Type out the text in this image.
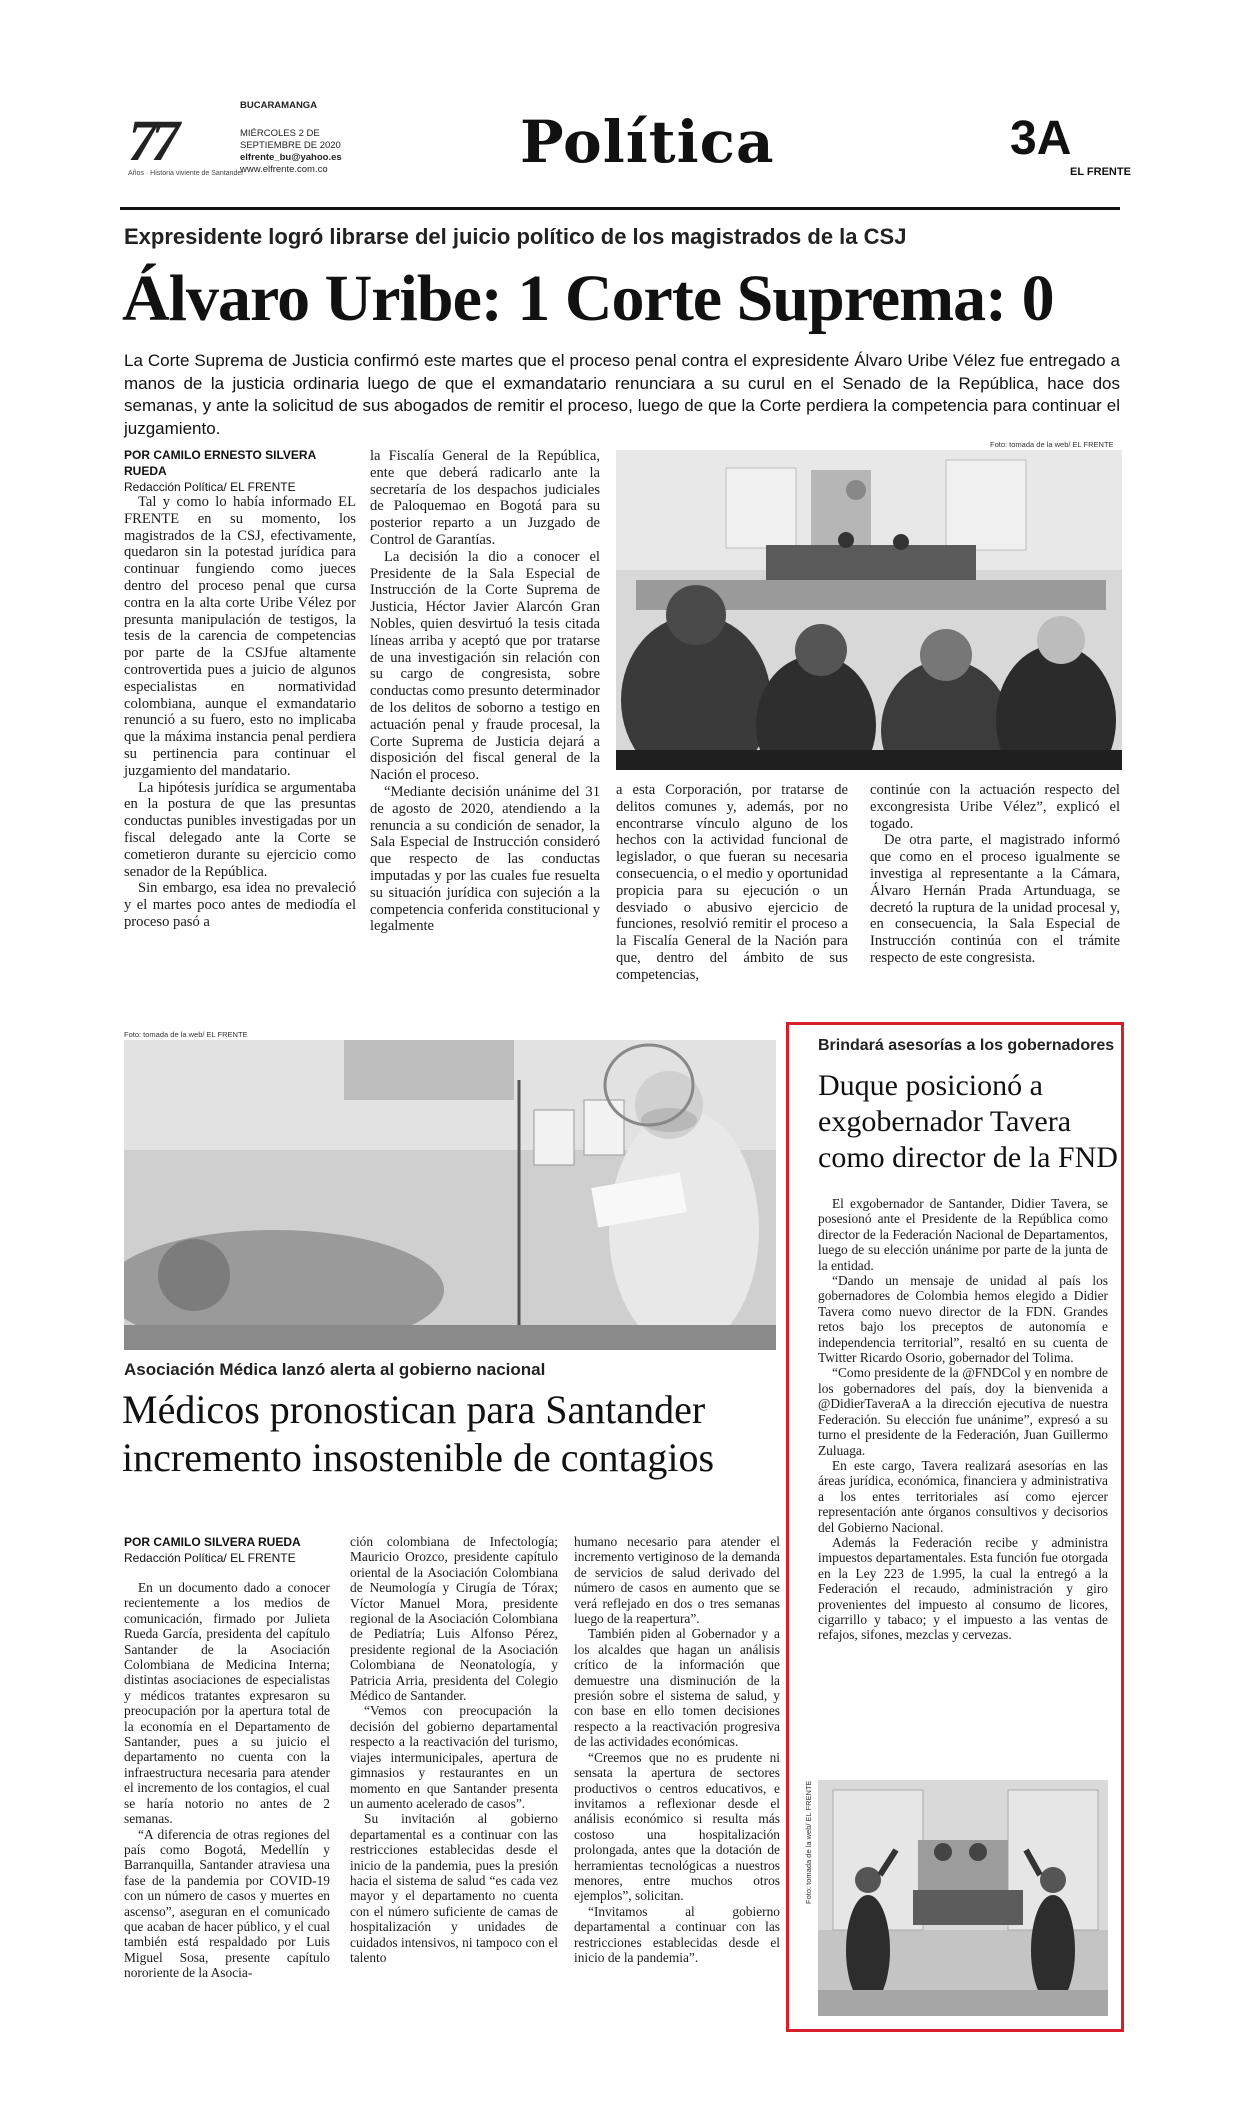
77
Años · Historia viviente de Santander
BUCARAMANGA
MIÉRCOLES 2 DE SEPTIEMBRE DE 2020
elfrente_bu@yahoo.es
www.elfrente.com.co	Política	3A
EL FRENTE
Expresidente logró librarse del juicio político de los magistrados de la CSJ
Álvaro Uribe: 1 Corte Suprema: 0
La Corte Suprema de Justicia confirmó este martes que el proceso penal contra el expresidente Álvaro Uribe Vélez fue entregado a manos de la justicia ordinaria luego de que el exmandatario renunciara a su curul en el Senado de la República, hace dos semanas, y ante la solicitud de sus abogados de remitir el proceso, luego de que la Corte perdiera la competencia para continuar el juzgamiento.
POR CAMILO ERNESTO SILVERA RUEDA
Redacción Política/ EL FRENTE

Tal y como lo había informado EL FRENTE en su momento, los magistrados de la CSJ, efectivamente, quedaron sin la potestad jurídica para continuar fungiendo como jueces dentro del proceso penal que cursa contra en la alta corte Uribe Vélez por presunta manipulación de testigos, la tesis de la carencia de competencias por parte de la CSJfue altamente controvertida pues a juicio de algunos especialistas en normatividad colombiana, aunque el exmandatario renunció a su fuero, esto no implicaba que la máxima instancia penal perdiera su pertinencia para continuar el juzgamiento del mandatario.

La hipótesis jurídica se argumentaba en la postura de que las presuntas conductas punibles investigadas por un fiscal delegado ante la Corte se cometieron durante su ejercicio como senador de la República.

Sin embargo, esa idea no prevaleció y el martes poco antes de mediodía el proceso pasó a

la Fiscalía General de la República, ente que deberá radicarlo ante la secretaría de los despachos judiciales de Paloquemao en Bogotá para su posterior reparto a un Juzgado de Control de Garantías.

La decisión la dio a conocer el Presidente de la Sala Especial de Instrucción de la Corte Suprema de Justicia, Héctor Javier Alarcón Gran Nobles, quien desvirtuó la tesis citada líneas arriba y aceptó que por tratarse de una investigación sin relación con su cargo de congresista, sobre conductas como presunto determinador de los delitos de soborno a testigo en actuación penal y fraude procesal, la Corte Suprema de Justicia dejará a disposición del fiscal general de la Nación el proceso.

“Mediante decisión unánime del 31 de agosto de 2020, atendiendo a la renuncia a su condición de senador, la Sala Especial de Instrucción consideró que respecto de las conductas imputadas y por las cuales fue resuelta su situación jurídica con sujeción a la competencia conferida constitucional y legalmente

Foto: tomada de la web/ EL FRENTE

a esta Corporación, por tratarse de delitos comunes y, además, por no encontrarse vínculo alguno de los hechos con la actividad funcional de legislador, o que fueran su necesaria consecuencia, o el medio y oportunidad propicia para su ejecución o un desviado o abusivo ejercicio de funciones, resolvió remitir el proceso a la Fiscalía General de la Nación para que, dentro del ámbito de sus competencias,

continúe con la actuación respecto del excongresista Uribe Vélez”, explicó el togado.

De otra parte, el magistrado informó que como en el proceso igualmente se investiga al representante a la Cámara, Álvaro Hernán Prada Artunduaga, se decretó la ruptura de la unidad procesal y, en consecuencia, la Sala Especial de Instrucción continúa con el trámite respecto de este congresista.

Foto: tomada de la web/ EL FRENTE
Asociación Médica lanzó alerta al gobierno nacional
Médicos pronostican para Santander incremento insostenible de contagios
POR CAMILO SILVERA RUEDA
Redacción Política/ EL FRENTE

En un documento dado a conocer recientemente a los medios de comunicación, firmado por Julieta Rueda García, presidenta del capítulo Santander de la Asociación Colombiana de Medicina Interna; distintas asociaciones de especialistas y médicos tratantes expresaron su preocupación por la apertura total de la economía en el Departamento de Santander, pues a su juicio el departamento no cuenta con la infraestructura necesaria para atender el incremento de los contagios, el cual se haría notorio no antes de 2 semanas.

“A diferencia de otras regiones del país como Bogotá, Medellín y Barranquilla, Santander atraviesa una fase de la pandemia por COVID-19 con un número de casos y muertes en ascenso”, aseguran en el comunicado que acaban de hacer público, y el cual también está respaldado por Luis Miguel Sosa, presente capítulo nororiente de la Asocia-

ción colombiana de Infectología; Mauricio Orozco, presidente capítulo oriental de la Asociación Colombiana de Neumología y Cirugía de Tórax; Víctor Manuel Mora, presidente regional de la Asociación Colombiana de Pediatría; Luis Alfonso Pérez, presidente regional de la Asociación Colombiana de Neonatología, y Patricia Arria, presidenta del Colegio Médico de Santander.

“Vemos con preocupación la decisión del gobierno departamental respecto a la reactivación del turismo, viajes intermunicipales, apertura de gimnasios y restaurantes en un momento en que Santander presenta un aumento acelerado de casos”.

Su invitación al gobierno departamental es a continuar con las restricciones establecidas desde el inicio de la pandemia, pues la presión hacia el sistema de salud “es cada vez mayor y el departamento no cuenta con el número suficiente de camas de hospitalización y unidades de cuidados intensivos, ni tampoco con el talento

humano necesario para atender el incremento vertiginoso de la demanda de servicios de salud derivado del número de casos en aumento que se verá reflejado en dos o tres semanas luego de la reapertura”.

También piden al Gobernador y a los alcaldes que hagan un análisis crítico de la información que demuestre una disminución de la presión sobre el sistema de salud, y con base en ello tomen decisiones respecto a la reactivación progresiva de las actividades económicas.

“Creemos que no es prudente ni sensata la apertura de sectores productivos o centros educativos, e invitamos a reflexionar desde el análisis económico si resulta más costoso una hospitalización prolongada, antes que la dotación de herramientas tecnológicas a nuestros menores, entre muchos otros ejemplos”, solicitan.

“Invitamos al gobierno departamental a continuar con las restricciones establecidas desde el inicio de la pandemia”.

Brindará asesorías a los gobernadores
Duque posicionó a exgobernador Tavera como director de la FND

El exgobernador de Santander, Didier Tavera, se posesionó ante el Presidente de la República como director de la Federación Nacional de Departamentos, luego de su elección unánime por parte de la junta de la entidad.

“Dando un mensaje de unidad al país los gobernadores de Colombia hemos elegido a Didier Tavera como nuevo director de la FDN. Grandes retos bajo los preceptos de autonomía e independencia territorial”, resaltó en su cuenta de Twitter Ricardo Osorio, gobernador del Tolima.

“Como presidente de la @FNDCol y en nombre de los gobernadores del país, doy la bienvenida a @DidierTaveraA a la dirección ejecutiva de nuestra Federación. Su elección fue unánime”, expresó a su turno el presidente de la Federación, Juan Guillermo Zuluaga.

En este cargo, Tavera realizará asesorías en las áreas jurídica, económica, financiera y administrativa a los entes territoriales así como ejercer representación ante órganos consultivos y decisorios del Gobierno Nacional.

Además la Federación recibe y administra impuestos departamentales. Esta función fue otorgada en la Ley 223 de 1.995, la cual la entregó a la Federación el recaudo, administración y giro provenientes del impuesto al consumo de licores, cigarrillo y tabaco; y el impuesto a las ventas de refajos, sifones, mezclas y cervezas.

Foto: tomada de la web/ EL FRENTE
